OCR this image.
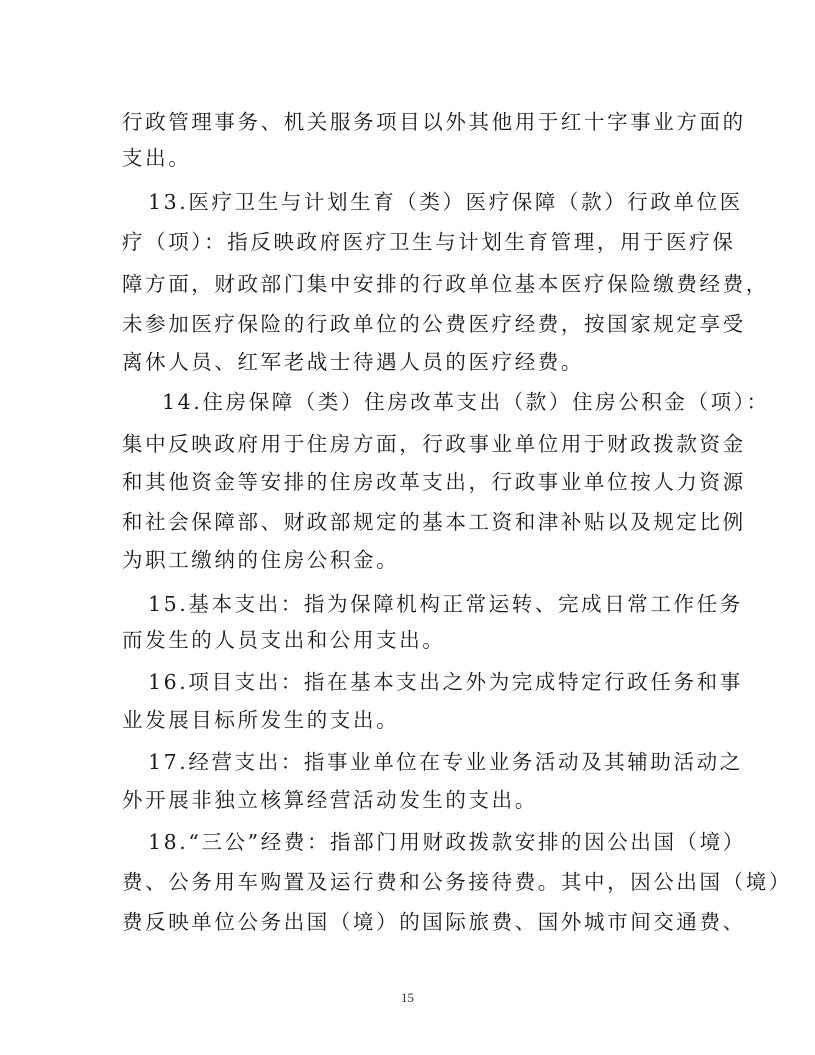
行政管理事务、机关服务项目以外其他用于红十字事业方面的
支出。
13.医疗卫生与计划生育（类）医疗保障（款）行政单位医
疗（项）：指反映政府医疗卫生与计划生育管理，用于医疗保
障方面，财政部门集中安排的行政单位基本医疗保险缴费经费，
未参加医疗保险的行政单位的公费医疗经费，按国家规定享受
离休人员、红军老战士待遇人员的医疗经费。
14.住房保障（类）住房改革支出（款）住房公积金（项）：
集中反映政府用于住房方面，行政事业单位用于财政拨款资金
和其他资金等安排的住房改革支出，行政事业单位按人力资源
和社会保障部、财政部规定的基本工资和津补贴以及规定比例
为职工缴纳的住房公积金。
15.基本支出：指为保障机构正常运转、完成日常工作任务
而发生的人员支出和公用支出。
16.项目支出：指在基本支出之外为完成特定行政任务和事
业发展目标所发生的支出。
17.经营支出：指事业单位在专业业务活动及其辅助活动之
外开展非独立核算经营活动发生的支出。
18.“三公”经费：指部门用财政拨款安排的因公出国（境）
费、公务用车购置及运行费和公务接待费。其中，因公出国（境）
费反映单位公务出国（境）的国际旅费、国外城市间交通费、
15
